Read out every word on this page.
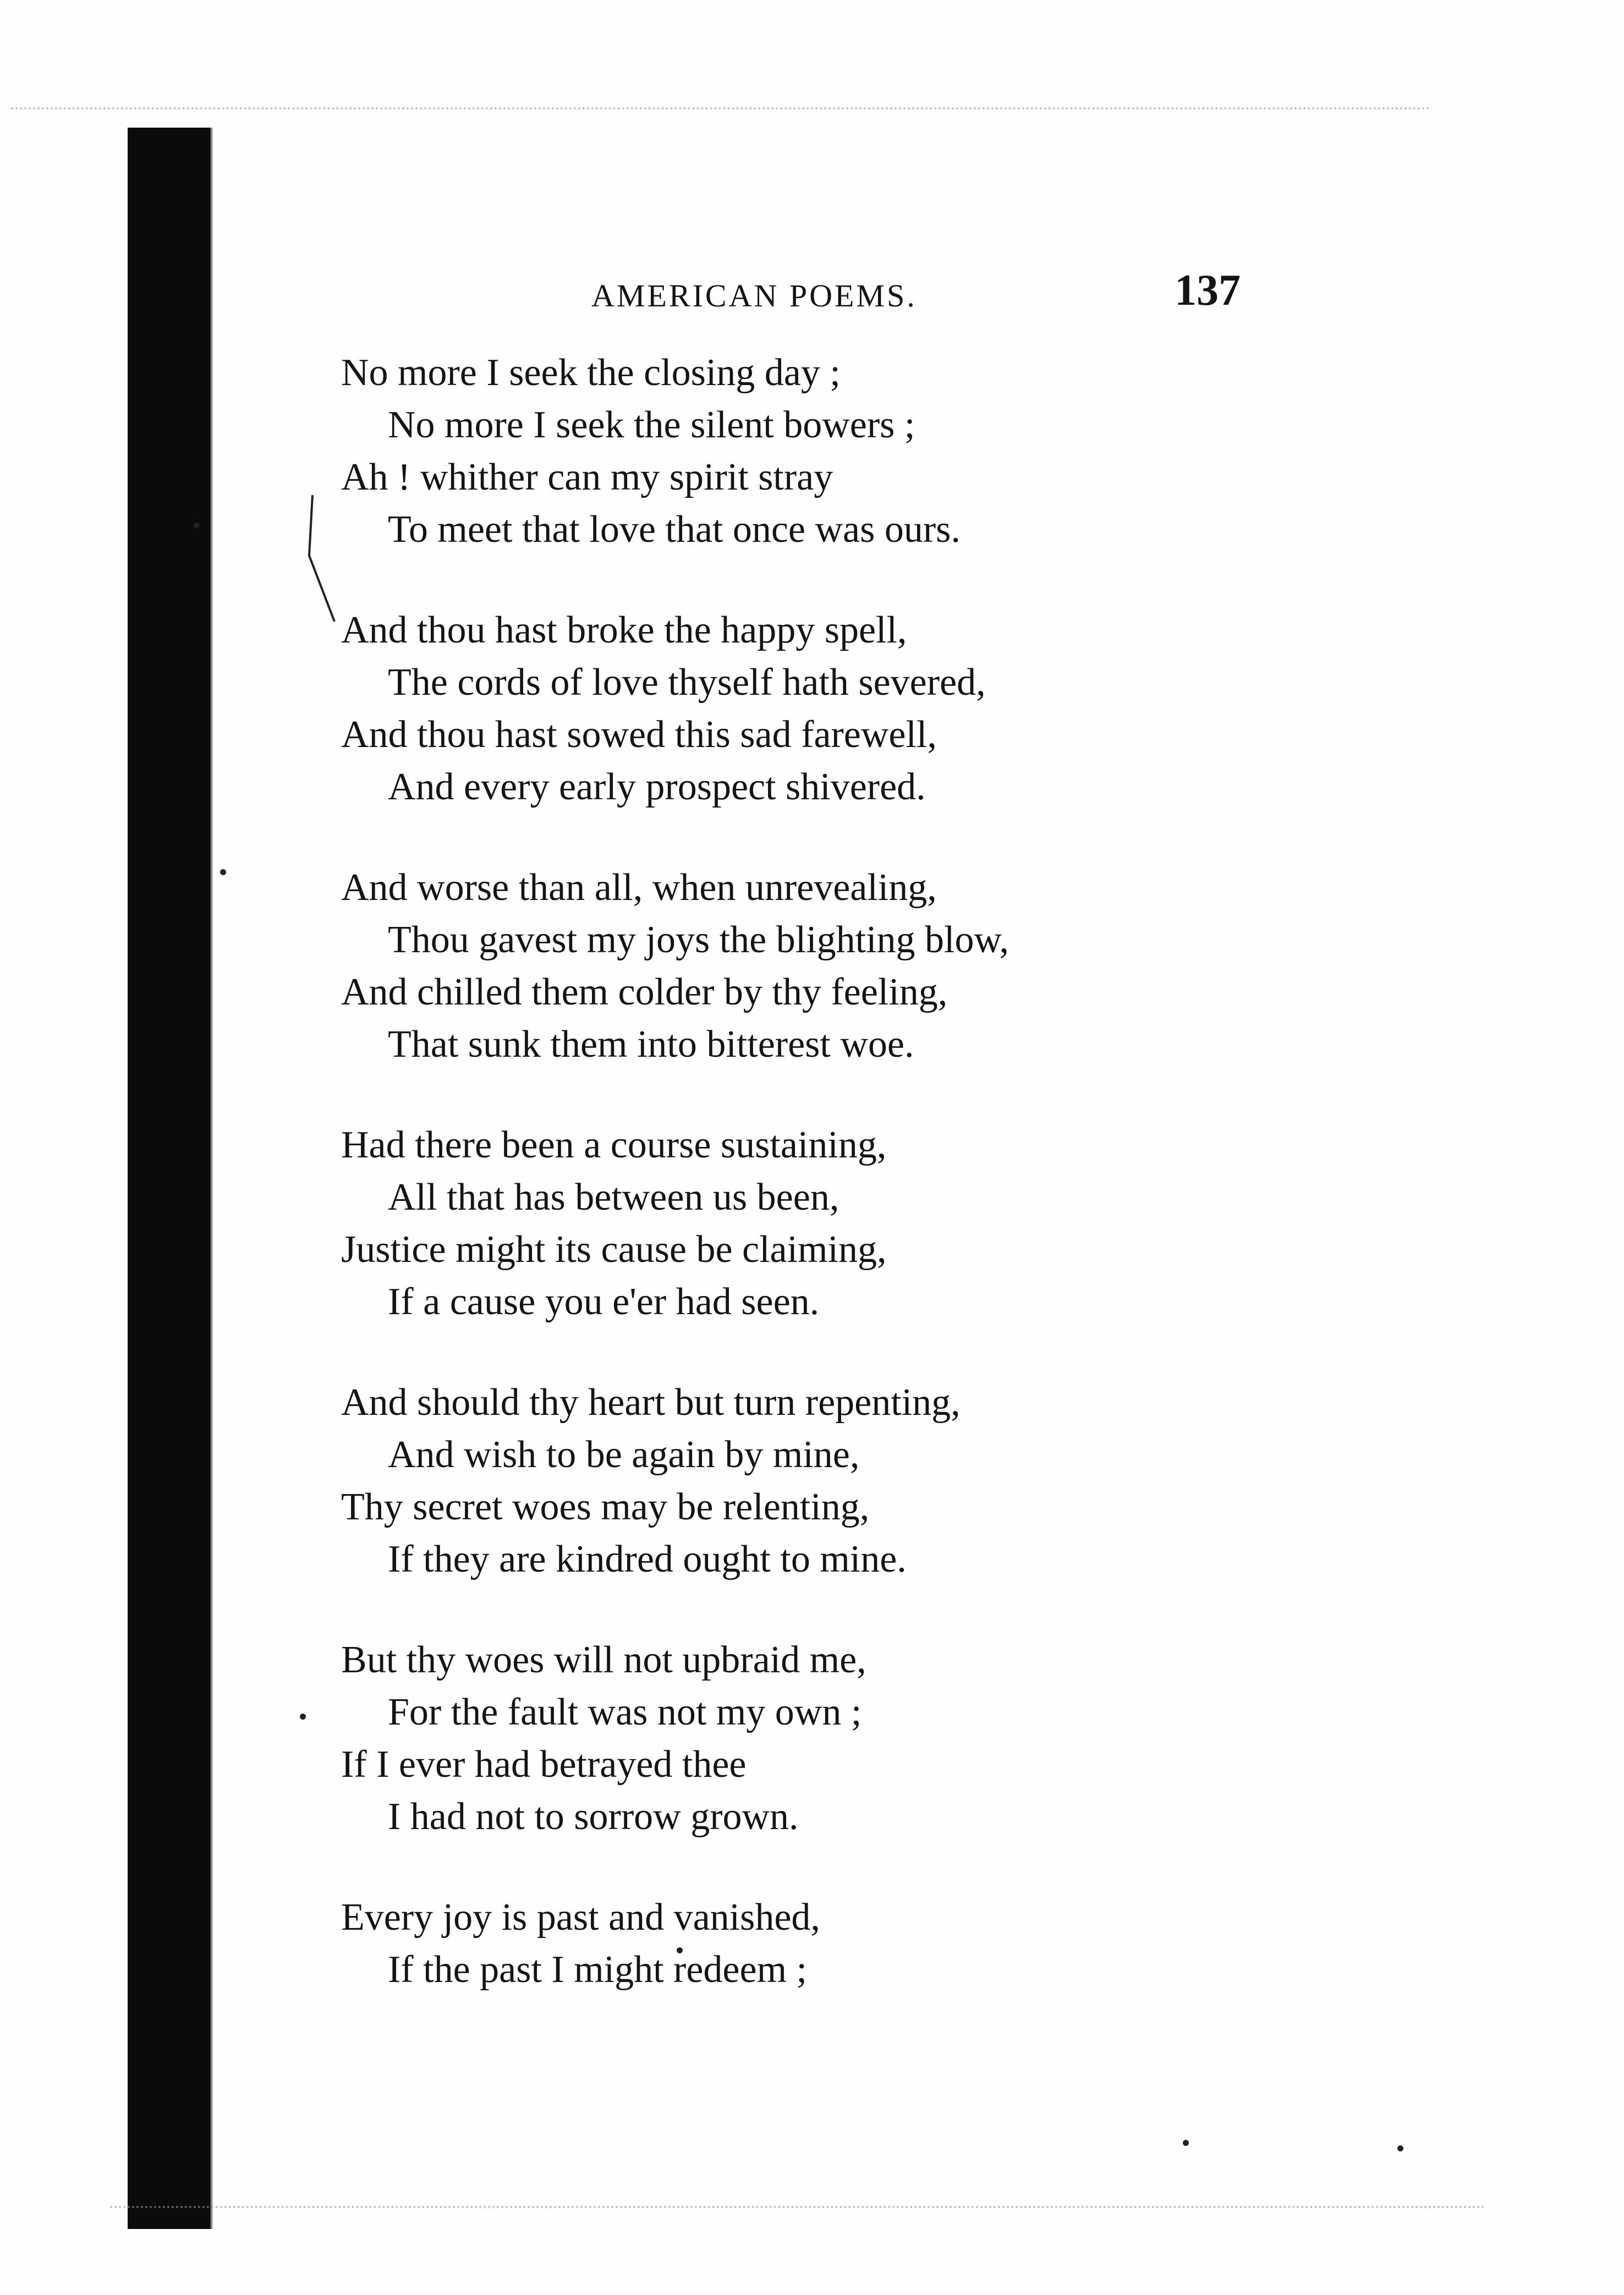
AMERICAN POEMS.	137
No more I seek the closing day ;
No more I seek the silent bowers ;
Ah ! whither can my spirit stray
To meet that love that once was ours.
And thou hast broke the happy spell,
The cords of love thyself hath severed,
And thou hast sowed this sad farewell,
And every early prospect shivered.
And worse than all, when unrevealing,
Thou gavest my joys the blighting blow,
And chilled them colder by thy feeling,
That sunk them into bitterest woe.
Had there been a course sustaining,
All that has between us been,
Justice might its cause be claiming,
If a cause you e'er had seen.
And should thy heart but turn repenting,
And wish to be again by mine,
Thy secret woes may be relenting,
If they are kindred ought to mine.
But thy woes will not upbraid me,
For the fault was not my own ;
If I ever had betrayed thee
I had not to sorrow grown.
Every joy is past and vanished,
If the past I might redeem ;
